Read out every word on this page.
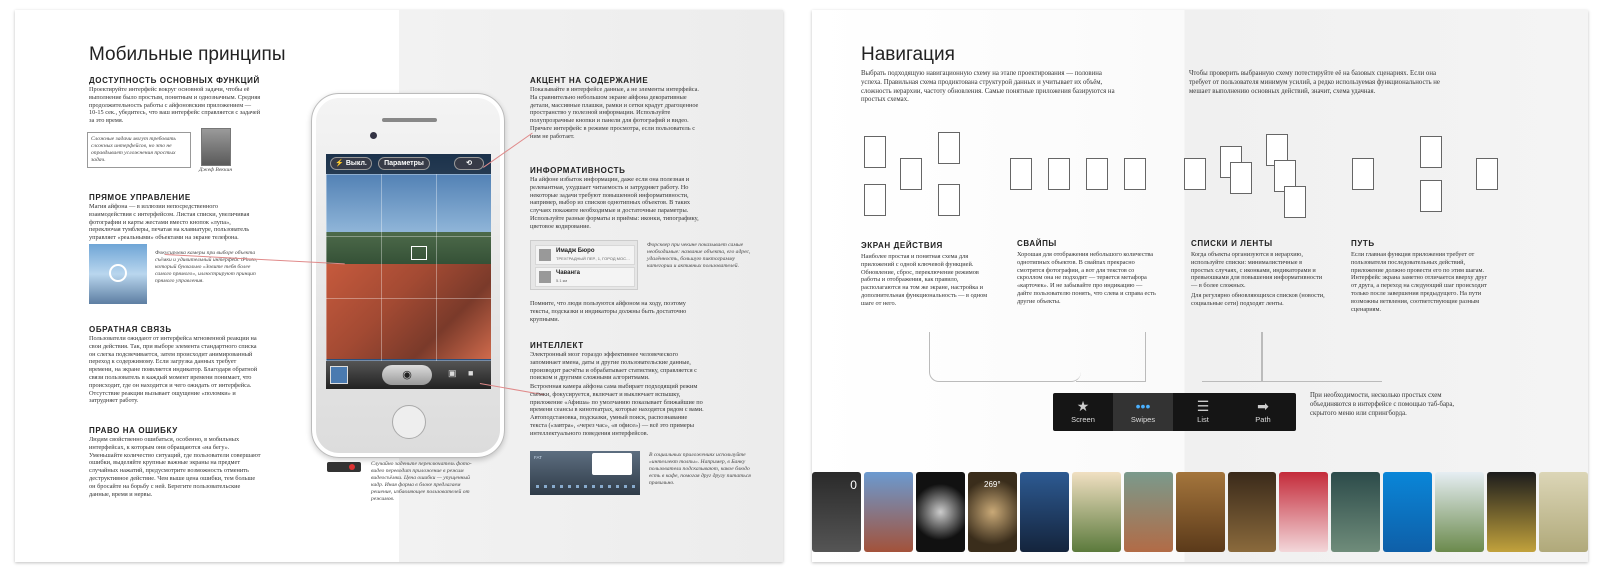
Мобильные принципы
ДОСТУПНОСТЬ ОСНОВНЫХ ФУНКЦИЙ
Проектируйте интерфейс вокруг основной задачи, чтобы её выполнение было простым, понятным и однозначным. Средняя продолжительность работы с айфоновским приложением — 10-15 сек., убедитесь, что ваш интерфейс справляется с задачей за это время.
Сложные задачи могут требовать сложных интерфейсов, но это не оправдывает усложнения простых задач.
Джеф Веккин
ПРЯМОЕ УПРАВЛЕНИЕ
Магия айфона — в иллюзии непосредственного взаимодействия с интерфейсом. Листая списки, увеличивая фотографии и карты жестами вместо кнопок «лупа», переключая тумблеры, печатая на клавиатуре, пользователь управляет «реальными» объектами на экране телефона.
Фокусировка камеры при выборе объекта съёмки и удивительный интерфейс iPhoto, который буквально «Зовите тебя более самого прямого», иллюстрируют принцип прямого управления.
ОБРАТНАЯ СВЯЗЬ
Пользователи ожидают от интерфейса мгновенной реакции на свои действия. Так, при выборе элемента стандартного списка он слегка подсвечивается, затем происходит анимированный переход к содержимому. Если загрузка данных требует времени, на экране появляется индикатор. Благодаря обратной связи пользователь в каждый момент времени понимает, что происходит, где он находится и чего ожидать от интерфейса. Отсутствие реакции вызывает ощущение «поломки» и затрудняет работу.
ПРАВО НА ОШИБКУ
Людям свойственно ошибаться, особенно, в мобильных интерфейсах, к которым они обращаются «на бегу». Уменьшайте количество ситуаций, где пользователи совершают ошибки, выделяйте крупные важные экраны на предмет случайных нажатий, предусмотрите возможность отменить деструктивное действие. Чем выше цена ошибки, тем больше он бросайте на борьбу с ней. Берегите пользовательские данные, время и нервы.
⚡ Выкл.	Параметры	⟲
◉	▣ ■
Случайно заденьте переключатель фото-видео переводит приложение в режим видеосъёмки. Цена ошибки — упущенный кадр. Иная форма в блоке предлагаем решение, избавляющее пользователей от режимов.
АКЦЕНТ НА СОДЕРЖАНИЕ
Показывайте в интерфейсе данные, а не элементы интерфейса. На сравнительно небольшом экране айфона декоративные детали, массивные плашки, рамки и сетки крадут драгоценное пространство у полезной информации. Используйте полупрозрачные кнопки и панели для фотографий и видео. Прячьте интерфейс в режиме просмотра, если пользователь с ним не работает.
ИНФОРМАТИВНОСТЬ
На айфоне избыток информации, даже если она полезная и релевантная, ухудшает читаемость и затрудняет работу. Но некоторые задачи требуют повышенной информативности, например, выбор из списков однотипных объектов. В таких случаях покажите необходимые и достаточные параметры. Используйте разные форматы и приёмы: иконки, типографику, цветовое кодирование.
Имадж Бюро
ТРЕХГРАДНЫЙ ПЕР., 1, ГОРОД МОС…
Чаванга
5.1 км
Форсквер при чекине показывает самые необходимые: название объекта, его адрес, удалённость, большую пиктограмму категории и активных пользователей.
Помните, что люди пользуются айфоном на ходу, поэтому тексты, подсказки и индикаторы должны быть достаточно крупными.
ИНТЕЛЛЕКТ
Электронный мозг гораздо эффективнее человеческого запоминает имена, даты и другие пользовательские данные, производит расчёты и обрабатывает статистику, справляется с поиском и другими сложными алгоритмами.
Встроенная камера айфона сама выбирает подходящий режим съёмки, фокусируется, включает и выключает вспышку, приложение «Афиша» по умолчанию показывает ближайшие по времени сеансы в кинотеатрах, которые находятся рядом с вами. Автоподстановка, подсказки, умный поиск, распознавание текста («завтра», «через час», «в офисе») — всё это примеры интеллектуального поведения интерфейсов.
FAT	В социальных приложениях используйте «интеллект толпы». Например, в Банку пользователи подсказывают, какое блюдо есть в кафе, помогая друг другу питаться правильно.
Навигация
Выбрать подходящую навигационную схему на этапе проектирования — половина успеха. Правильная схема продиктована структурой данных и учитывает их объём, сложность иерархии, частоту обновления. Самые понятные приложения базируются на простых схемах.
Чтобы проверить выбранную схему потестируйте её на базовых сценариях. Если она требует от пользователя минимум усилий, а редко используемая функциональность не мешает выполнению основных действий, значит, схема удачная.
ЭКРАН ДЕЙСТВИЯ
Наиболее простая и понятная схема для приложений с одной ключевой функцией. Обновление, сброс, переключение режимов работы и отображения, как правило, располагаются на том же экране, настройка и дополнительная функциональность — в одном шаге от него.
СВАЙПЫ
Хорошая для отображения небольшого количества однотипных объектов. В свайпах прекрасно смотрятся фотографии, а вот для текстов со скроллом она не подходит — теряется метафора «карточек». И не забывайте про индикацию — дайте пользователю понять, что слева и справа есть другие объекты.
СПИСКИ И ЛЕНТЫ
Когда объекты организуются в иерархию, используйте списки: минималистичные в простых случаях, с иконками, индикаторами и превьюшками для повышения информативности — в более сложных.
Для регулярно обновляющихся списков (новости, социальные сети) подходят ленты.
ПУТЬ
Если главная функция приложения требует от пользователя последовательных действий, приложение должно провести его по этим шагам. Интерфейс экрана заметно отличается вверху друг от друга, а переход на следующий шаг происходит только после завершения предыдущего. На пути возможны ветвления, соответствующие разным сценариям.
★
Screen
•••
Swipes
☰
List
➡
Path
При необходимости, несколько простых схем объединяются в интерфейсе с помощью таб-бара, скрытого меню или спрингборда.
0	269°
